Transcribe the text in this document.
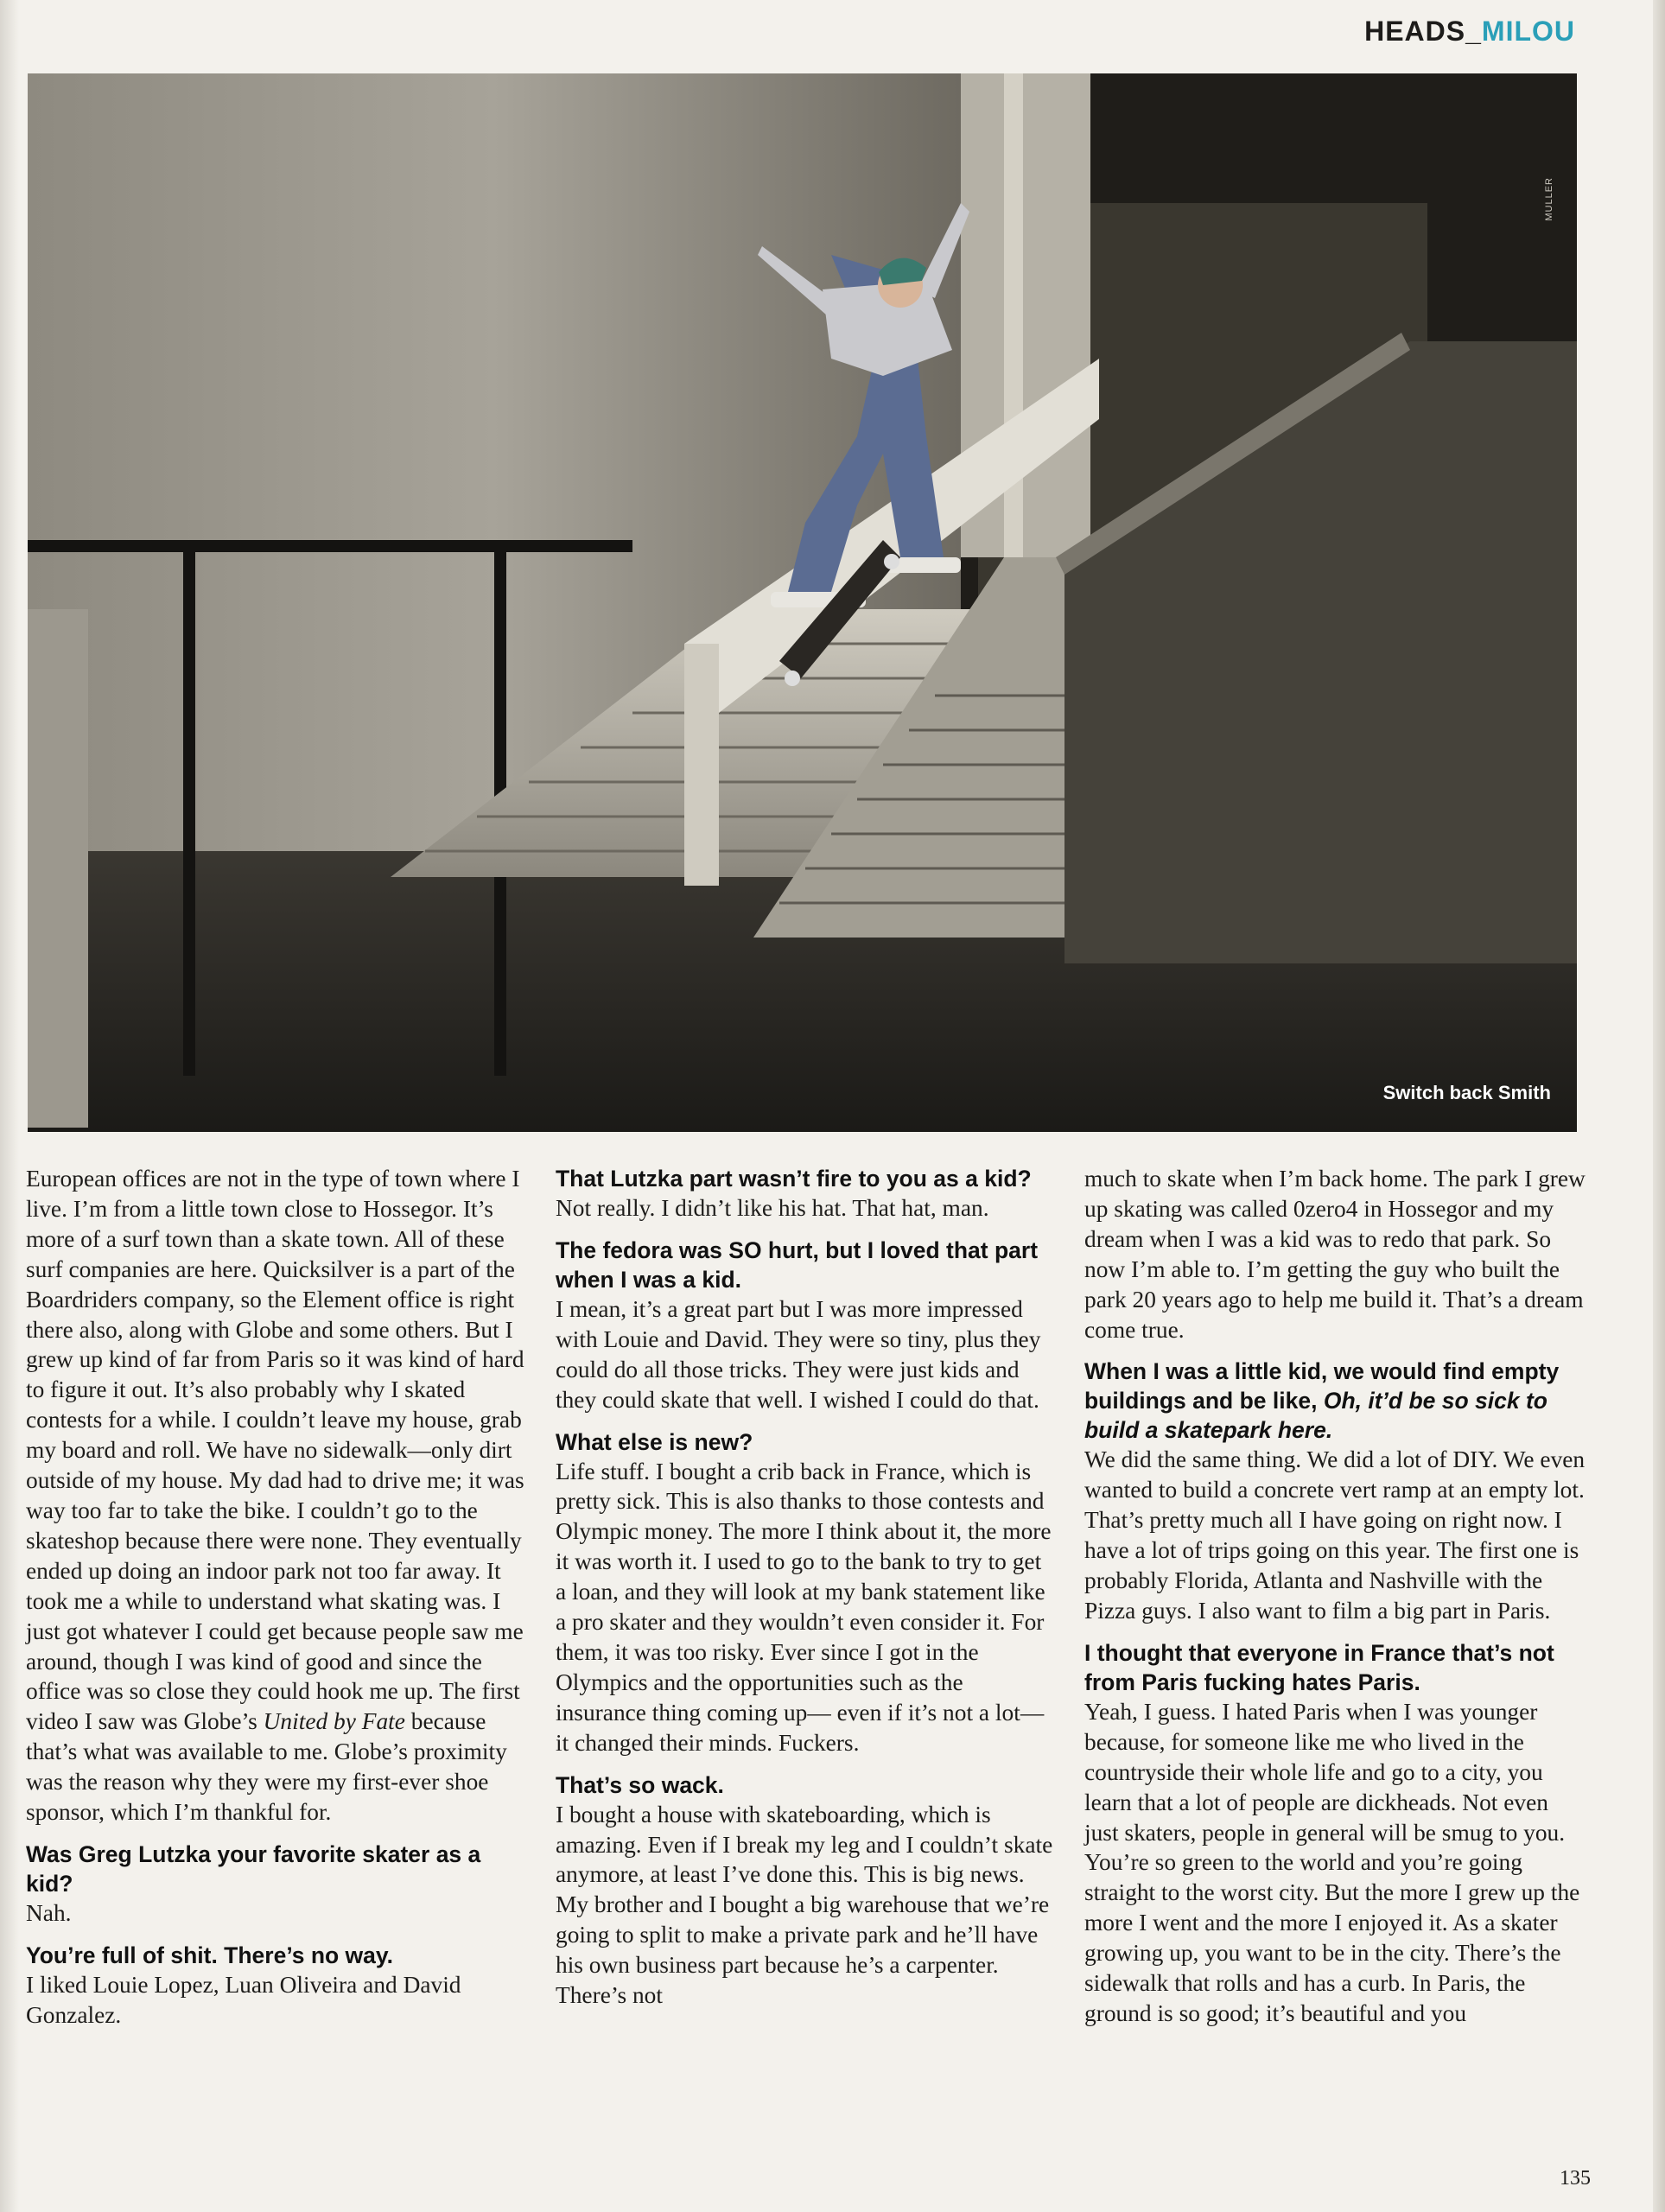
HEADS_MILOU
MULLER
Switch back Smith

European offices are not in the type of town where I live. I’m from a little town close to Hossegor. It’s more of a surf town than a skate town. All of these surf companies are here. Quicksilver is a part of the Boardriders company, so the Element office is right there also, along with Globe and some others. But I grew up kind of far from Paris so it was kind of hard to figure it out. It’s also probably why I skated contests for a while. I couldn’t leave my house, grab my board and roll. We have no sidewalk—only dirt outside of my house. My dad had to drive me; it was way too far to take the bike. I couldn’t go to the skateshop because there were none. They eventually ended up doing an indoor park not too far away. It took me a while to understand what skating was. I just got whatever I could get because people saw me around, though I was kind of good and since the office was so close they could hook me up. The first video I saw was Globe’s United by Fate because that’s what was available to me. Globe’s proximity was the reason why they were my first-ever shoe sponsor, which I’m thankful for.

Was Greg Lutzka your favorite skater as a kid?

Nah.

You’re full of shit. There’s no way.

I liked Louie Lopez, Luan Oliveira and David Gonzalez.

That Lutzka part wasn’t fire to you as a kid?

Not really. I didn’t like his hat. That hat, man.

The fedora was SO hurt, but I loved that part when I was a kid.

I mean, it’s a great part but I was more impressed with Louie and David. They were so tiny, plus they could do all those tricks. They were just kids and they could skate that well. I wished I could do that.

What else is new?

Life stuff. I bought a crib back in France, which is pretty sick. This is also thanks to those contests and Olympic money. The more I think about it, the more it was worth it. I used to go to the bank to try to get a loan, and they will look at my bank statement like a pro skater and they wouldn’t even consider it. For them, it was too risky. Ever since I got in the Olympics and the opportunities such as the insurance thing coming up— even if it’s not a lot—it changed their minds. Fuckers.

That’s so wack.

I bought a house with skateboarding, which is amazing. Even if I break my leg and I couldn’t skate anymore, at least I’ve done this. This is big news. My brother and I bought a big warehouse that we’re going to split to make a private park and he’ll have his own business part because he’s a carpenter. There’s not

much to skate when I’m back home. The park I grew up skating was called 0zero4 in Hossegor and my dream when I was a kid was to redo that park. So now I’m able to. I’m getting the guy who built the park 20 years ago to help me build it. That’s a dream come true.

When I was a little kid, we would find empty buildings and be like, Oh, it’d be so sick to build a skatepark here.

We did the same thing. We did a lot of DIY. We even wanted to build a concrete vert ramp at an empty lot. That’s pretty much all I have going on right now. I have a lot of trips going on this year. The first one is probably Florida, Atlanta and Nashville with the Pizza guys. I also want to film a big part in Paris.

I thought that everyone in France that’s not from Paris fucking hates Paris.

Yeah, I guess. I hated Paris when I was younger because, for someone like me who lived in the countryside their whole life and go to a city, you learn that a lot of people are dickheads. Not even just skaters, people in general will be smug to you. You’re so green to the world and you’re going straight to the worst city. But the more I grew up the more I went and the more I enjoyed it. As a skater growing up, you want to be in the city. There’s the sidewalk that rolls and has a curb. In Paris, the ground is so good; it’s beautiful and you

135
